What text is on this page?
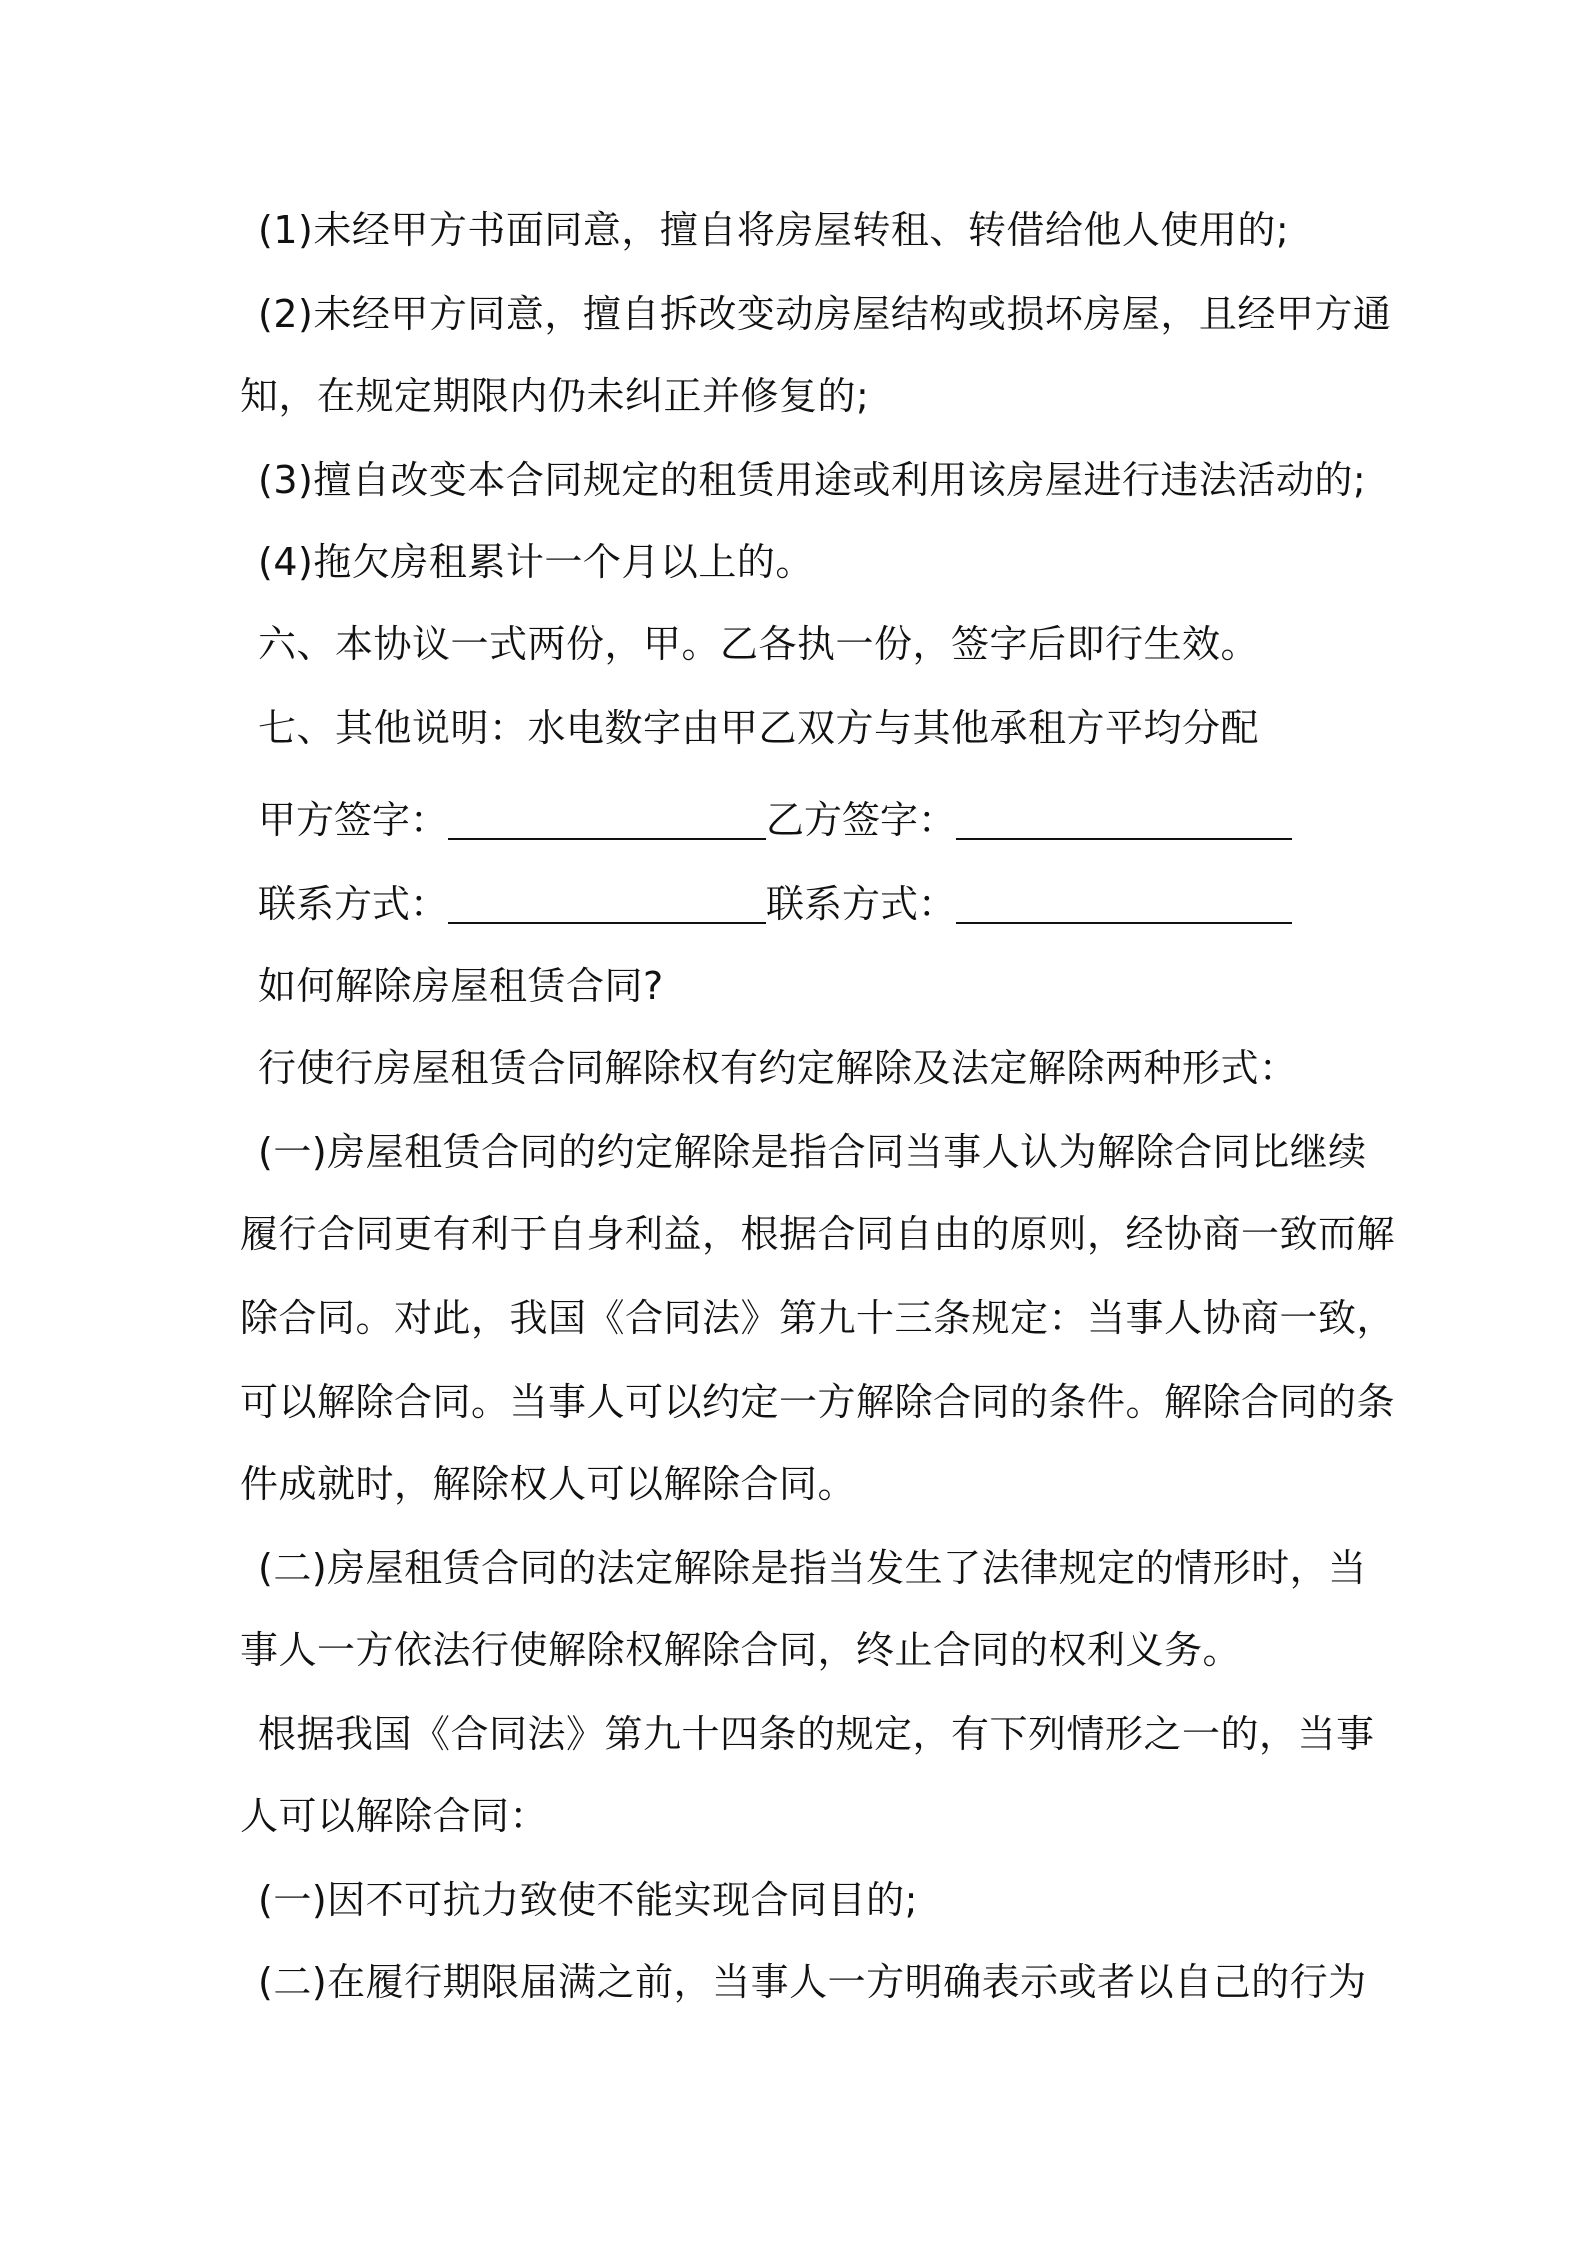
(1)未经甲方书面同意，擅自将房屋转租、转借给他人使用的;
(2)未经甲方同意，擅自拆改变动房屋结构或损坏房屋，且经甲方通
知，在规定期限内仍未纠正并修复的;
(3)擅自改变本合同规定的租赁用途或利用该房屋进行违法活动的;
(4)拖欠房租累计一个月以上的。
六、本协议一式两份，甲。乙各执一份，签字后即行生效。
七、其他说明：水电数字由甲乙双方与其他承租方平均分配
甲方签字：	乙方签字：
联系方式：	联系方式：
如何解除房屋租赁合同?
行使行房屋租赁合同解除权有约定解除及法定解除两种形式：
(一)房屋租赁合同的约定解除是指合同当事人认为解除合同比继续
履行合同更有利于自身利益，根据合同自由的原则，经协商一致而解
除合同。对此，我国《合同法》第九十三条规定：当事人协商一致，
可以解除合同。当事人可以约定一方解除合同的条件。解除合同的条
件成就时，解除权人可以解除合同。
(二)房屋租赁合同的法定解除是指当发生了法律规定的情形时，当
事人一方依法行使解除权解除合同，终止合同的权利义务。
根据我国《合同法》第九十四条的规定，有下列情形之一的，当事
人可以解除合同：
(一)因不可抗力致使不能实现合同目的;
(二)在履行期限届满之前，当事人一方明确表示或者以自己的行为
